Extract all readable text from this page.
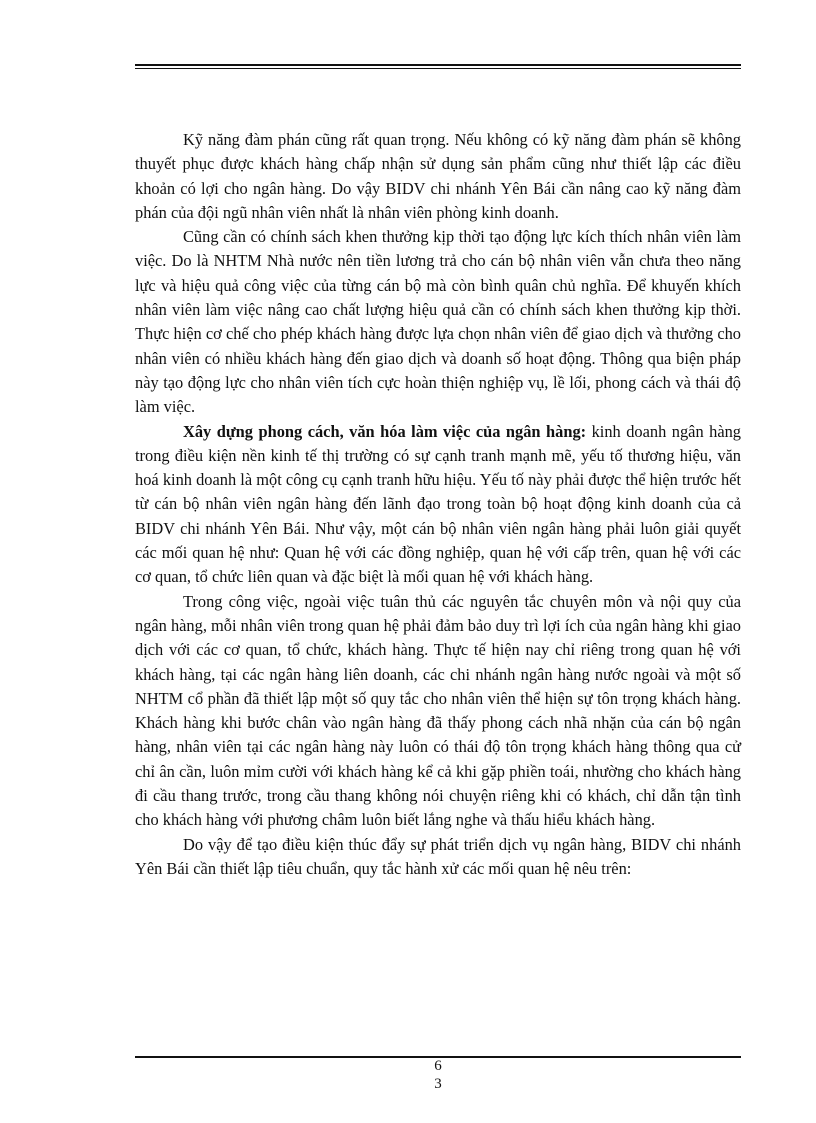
Kỹ năng đàm phán cũng rất quan trọng. Nếu không có kỹ năng đàm phán sẽ không thuyết phục được khách hàng chấp nhận sử dụng sản phẩm cũng như thiết lập các điều khoản có lợi cho ngân hàng. Do vậy BIDV chi nhánh Yên Bái cần nâng cao kỹ năng đàm phán của đội ngũ nhân viên nhất là nhân viên phòng kinh doanh.

Cũng cần có chính sách khen thưởng kịp thời tạo động lực kích thích nhân viên làm việc. Do là NHTM Nhà nước nên tiền lương trả cho cán bộ nhân viên vẫn chưa theo năng lực và hiệu quả công việc của từng cán bộ mà còn bình quân chủ nghĩa. Để khuyến khích nhân viên làm việc nâng cao chất lượng hiệu quả cần có chính sách khen thưởng kịp thời. Thực hiện cơ chế cho phép khách hàng được lựa chọn nhân viên để giao dịch và thưởng cho nhân viên có nhiều khách hàng đến giao dịch và doanh số hoạt động. Thông qua biện pháp này tạo động lực cho nhân viên tích cực hoàn thiện nghiệp vụ, lề lối, phong cách và thái độ làm việc.

Xây dựng phong cách, văn hóa làm việc của ngân hàng: kinh doanh ngân hàng trong điều kiện nền kinh tế thị trường có sự cạnh tranh mạnh mẽ, yếu tố thương hiệu, văn hoá kinh doanh là một công cụ cạnh tranh hữu hiệu. Yếu tố này phải được thể hiện trước hết từ cán bộ nhân viên ngân hàng đến lãnh đạo trong toàn bộ hoạt động kinh doanh của cả BIDV chi nhánh Yên Bái. Như vậy, một cán bộ nhân viên ngân hàng phải luôn giải quyết các mối quan hệ như: Quan hệ với các đồng nghiệp, quan hệ với cấp trên, quan hệ với các cơ quan, tổ chức liên quan và đặc biệt là mối quan hệ với khách hàng.

Trong công việc, ngoài việc tuân thủ các nguyên tắc chuyên môn và nội quy của ngân hàng, mỗi nhân viên trong quan hệ phải đảm bảo duy trì lợi ích của ngân hàng khi giao dịch với các cơ quan, tổ chức, khách hàng. Thực tế hiện nay chỉ riêng trong quan hệ với khách hàng, tại các ngân hàng liên doanh, các chi nhánh ngân hàng nước ngoài và một số NHTM cổ phần đã thiết lập một số quy tắc cho nhân viên thể hiện sự tôn trọng khách hàng. Khách hàng khi bước chân vào ngân hàng đã thấy phong cách nhã nhặn của cán bộ ngân hàng, nhân viên tại các ngân hàng này luôn có thái độ tôn trọng khách hàng thông qua cử chỉ ân cần, luôn mỉm cười với khách hàng kể cả khi gặp phiền toái, nhường cho khách hàng đi cầu thang trước, trong cầu thang không nói chuyện riêng khi có khách, chỉ dẫn tận tình cho khách hàng với phương châm luôn biết lắng nghe và thấu hiểu khách hàng.

Do vậy để tạo điều kiện thúc đẩy sự phát triển dịch vụ ngân hàng, BIDV chi nhánh Yên Bái cần thiết lập tiêu chuẩn, quy tắc hành xử các mối quan hệ nêu trên:

6
3
